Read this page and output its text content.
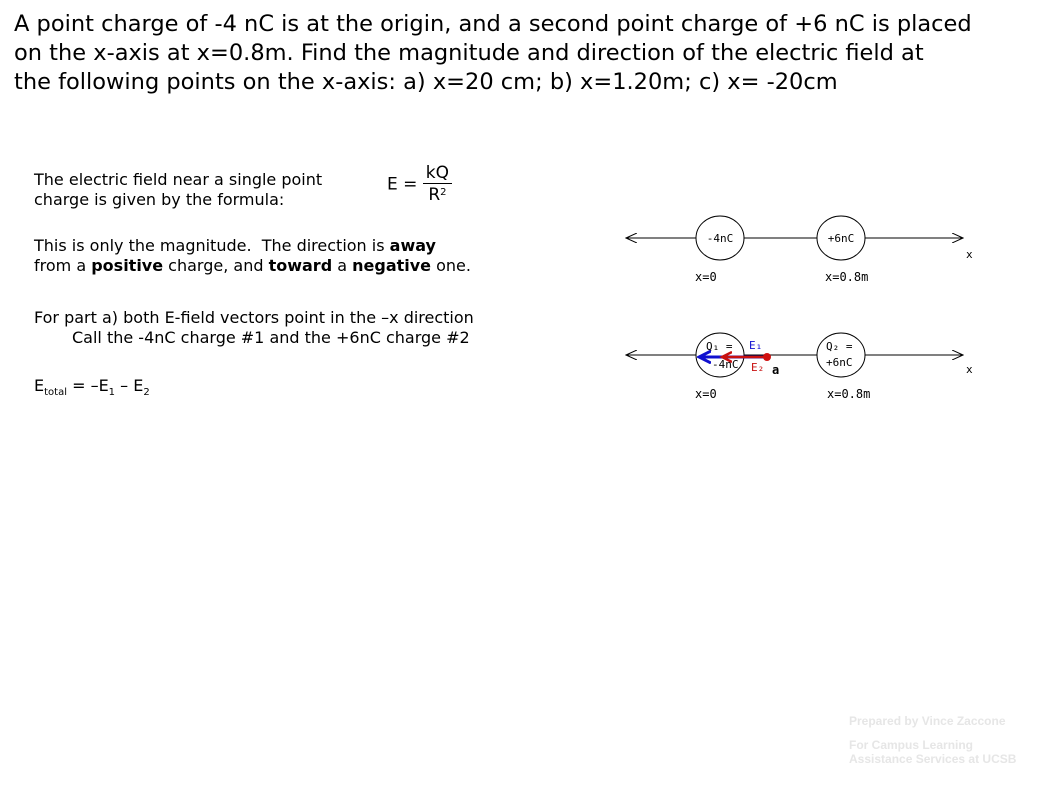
A point charge of -4 nC is at the origin, and a second point charge of +6 nC is placed
on the x-axis at x=0.8m. Find the magnitude and direction of the electric field at
the following points on the x-axis: a) x=20 cm; b) x=1.20m; c) x= -20cm
The electric field near a single point
charge is given by the formula:
$E = \frac{kQ}{R^2}$
This is only the magnitude.  The direction is away
from a positive charge, and toward a negative one.
For part a) both E-field vectors point in the –x direction
Call the -4nC charge #1 and the +6nC charge #2
$E_{total} = -E_1 - E_2$
-4nC	+6nC
x
x=0	x=0.8m
Q₁ =
-4nC
Q₂ =
+6nC
E₁
E₂ a	x
x=0	x=0.8m
Prepared by Vince Zaccone
For Campus Learning
Assistance Services at UCSB
